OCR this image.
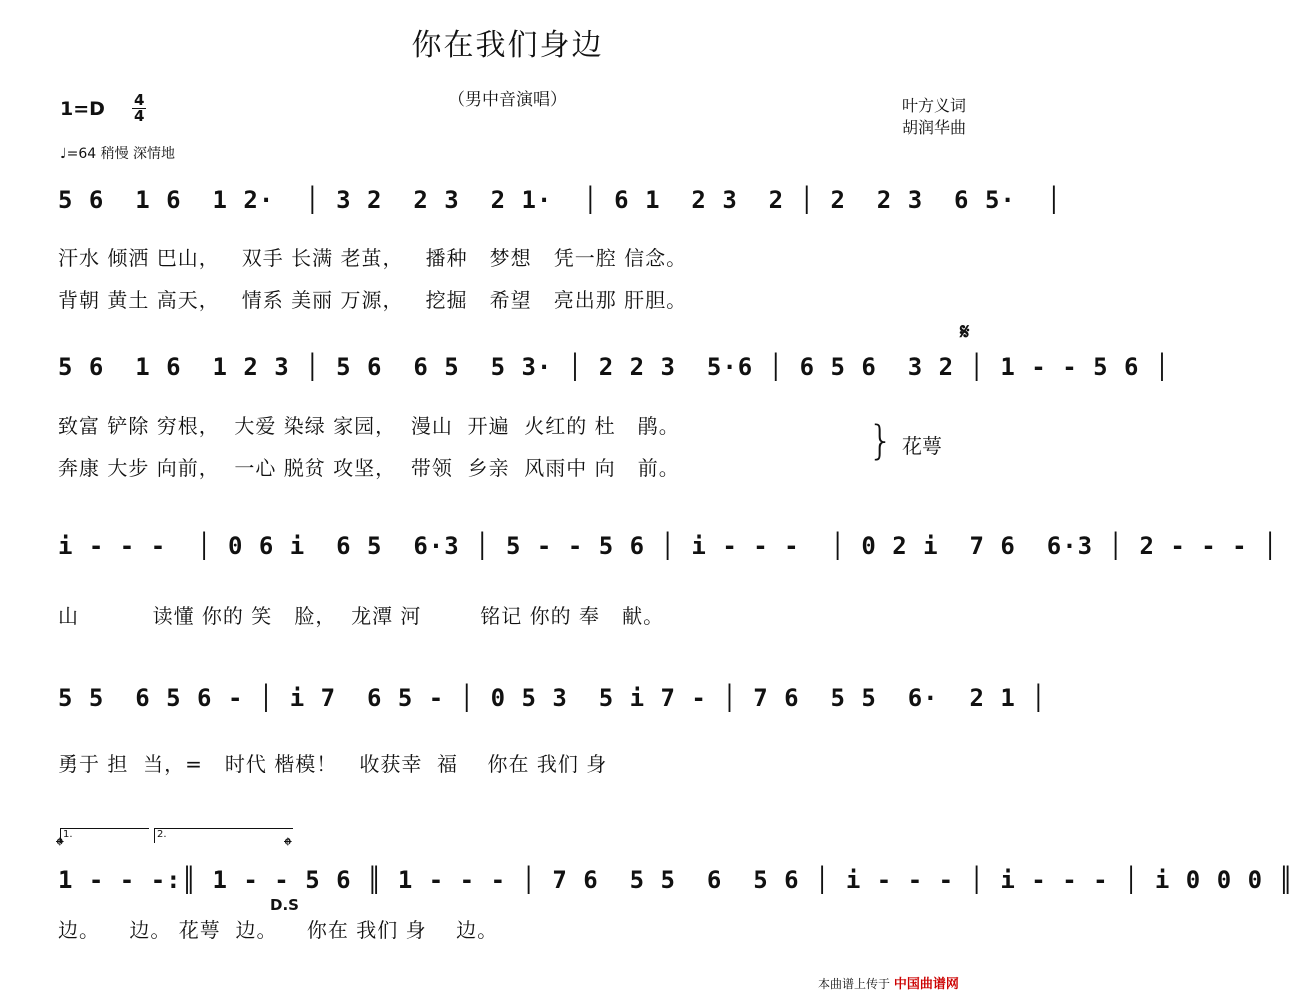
你在我们身边
（男中音演唱）
1=D 4
4
♩=64 稍慢 深情地
叶方义词
胡润华曲
5 6  1 6  1 2·  │ 3 2  2 3  2 1·  │ 6 1  2 3  2 │ 2  2 3  6 5·  │
汗水 倾洒 巴山，   双手 长满 老茧，   播种   梦想   凭一腔 信念。
背朝 黄土 高天，   情系 美丽 万源，   挖掘   希望   亮出那 肝胆。
𝄋
5 6  1 6  1 2 3 │ 5 6  6 5  5 3· │ 2 2 3  5·6 │ 6 5 6  3 2 │ 1 - - 5 6 │
致富 铲除 穷根，  大爱 染绿 家园，  漫山  开遍  火红的 杜   鹃。
奔康 大步 向前，  一心 脱贫 攻坚，  带领  乡亲  风雨中 向   前。
} 花萼
i - - -  │ 0 6 i  6 5  6·3 │ 5 - - 5 6 │ i - - -  │ 0 2 i  7 6  6·3 │ 2 - - - │
山          读懂 你的 笑   脸，  龙潭 河        铭记 你的 奉   献。
5 5  6 5 6 - │ i 7  6 5 - │ 0 5 3  5 i 7 - │ 7 6  5 5  6·  2 1 │
勇于 担  当，=   时代 楷模！   收获幸  福    你在 我们 身
1.	2.
𝄌	𝄌
1 - - -:║ 1 - - 5 6 ║ 1 - - - │ 7 6  5 5  6  5 6 │ i - - - │ i - - - │ i 0 0 0 ║
D.S
边。    边。 花萼  边。    你在 我们 身    边。
本曲谱上传于 中国曲谱网
